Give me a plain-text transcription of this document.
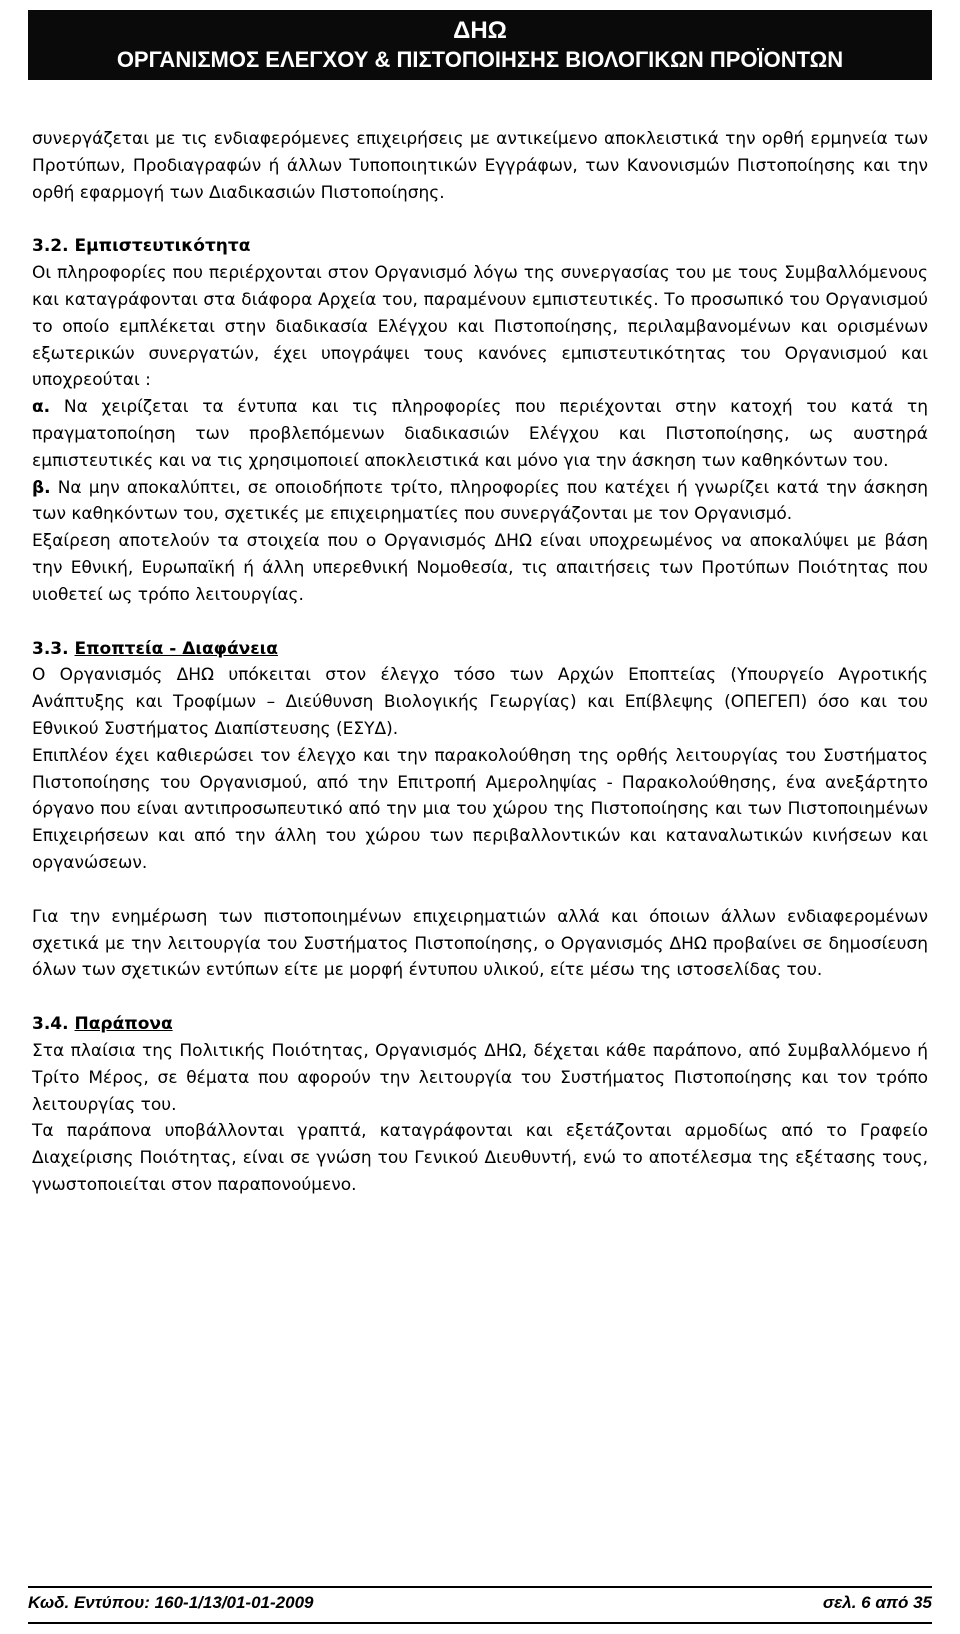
ΔΗΩ
ΟΡΓΑΝΙΣΜΟΣ ΕΛΕΓΧΟΥ & ΠΙΣΤΟΠΟΙΗΣΗΣ ΒΙΟΛΟΓΙΚΩΝ ΠΡΟΪΟΝΤΩΝ

συνεργάζεται με τις ενδιαφερόμενες επιχειρήσεις με αντικείμενο αποκλειστικά την ορθή ερμηνεία των Προτύπων, Προδιαγραφών ή άλλων Τυποποιητικών Εγγράφων, των Κανονισμών Πιστοποίησης και την ορθή εφαρμογή των Διαδικασιών Πιστοποίησης.

3.2. Εμπιστευτικότητα

Οι πληροφορίες που περιέρχονται στον Οργανισμό λόγω της συνεργασίας του με τους Συμβαλλόμενους και καταγράφονται στα διάφορα Αρχεία του, παραμένουν εμπιστευτικές. Το προσωπικό του Οργανισμού το οποίο εμπλέκεται στην διαδικασία Ελέγχου και Πιστοποίησης, περιλαμβανομένων και ορισμένων εξωτερικών συνεργατών, έχει υπογράψει τους κανόνες εμπιστευτικότητας του Οργανισμού και υποχρεούται :

α. Να χειρίζεται τα έντυπα και τις πληροφορίες που περιέχονται στην κατοχή του κατά τη πραγματοποίηση των προβλεπόμενων διαδικασιών Ελέγχου και Πιστοποίησης, ως αυστηρά εμπιστευτικές και να τις χρησιμοποιεί αποκλειστικά και μόνο για την άσκηση των καθηκόντων του.

β. Να μην αποκαλύπτει, σε οποιοδήποτε τρίτο, πληροφορίες που κατέχει ή γνωρίζει κατά την άσκηση των καθηκόντων του, σχετικές με επιχειρηματίες που συνεργάζονται με τον Οργανισμό.

Εξαίρεση αποτελούν τα στοιχεία που ο Οργανισμός ΔΗΩ είναι υποχρεωμένος να αποκαλύψει με βάση την Εθνική, Ευρωπαϊκή ή άλλη υπερεθνική Νομοθεσία, τις απαιτήσεις των Προτύπων Ποιότητας που υιοθετεί ως τρόπο λειτουργίας.

3.3. Εποπτεία - Διαφάνεια

Ο Οργανισμός ΔΗΩ υπόκειται στον έλεγχο τόσο των Αρχών Εποπτείας (Υπουργείο Αγροτικής Ανάπτυξης και Τροφίμων – Διεύθυνση Βιολογικής Γεωργίας) και Επίβλεψης (ΟΠΕΓΕΠ) όσο και του Εθνικού Συστήματος Διαπίστευσης (ΕΣΥΔ).

Επιπλέον έχει καθιερώσει τον έλεγχο και την παρακολούθηση της ορθής λειτουργίας του Συστήματος Πιστοποίησης του Οργανισμού, από την Επιτροπή Αμεροληψίας - Παρακολούθησης, ένα ανεξάρτητο όργανο που είναι αντιπροσωπευτικό από την μια του χώρου της Πιστοποίησης και των Πιστοποιημένων Επιχειρήσεων και από την άλλη του χώρου των περιβαλλοντικών και καταναλωτικών κινήσεων και οργανώσεων.

Για την ενημέρωση των πιστοποιημένων επιχειρηματιών αλλά και όποιων άλλων ενδιαφερομένων σχετικά με την λειτουργία του Συστήματος Πιστοποίησης, ο Οργανισμός ΔΗΩ προβαίνει σε δημοσίευση όλων των σχετικών εντύπων είτε με μορφή έντυπου υλικού, είτε μέσω της ιστοσελίδας του.

3.4. Παράπονα

Στα πλαίσια της Πολιτικής Ποιότητας, Οργανισμός ΔΗΩ, δέχεται κάθε παράπονο, από Συμβαλλόμενο ή Τρίτο Μέρος, σε θέματα που αφορούν την λειτουργία του Συστήματος Πιστοποίησης και τον τρόπο λειτουργίας του.

Τα παράπονα υποβάλλονται γραπτά, καταγράφονται και εξετάζονται αρμοδίως από το Γραφείο Διαχείρισης Ποιότητας, είναι σε γνώση του Γενικού Διευθυντή, ενώ το αποτέλεσμα της εξέτασης τους, γνωστοποιείται στον παραπονούμενο.

Κωδ. Εντύπου: 160-1/13/01-01-2009	σελ. 6 από 35
